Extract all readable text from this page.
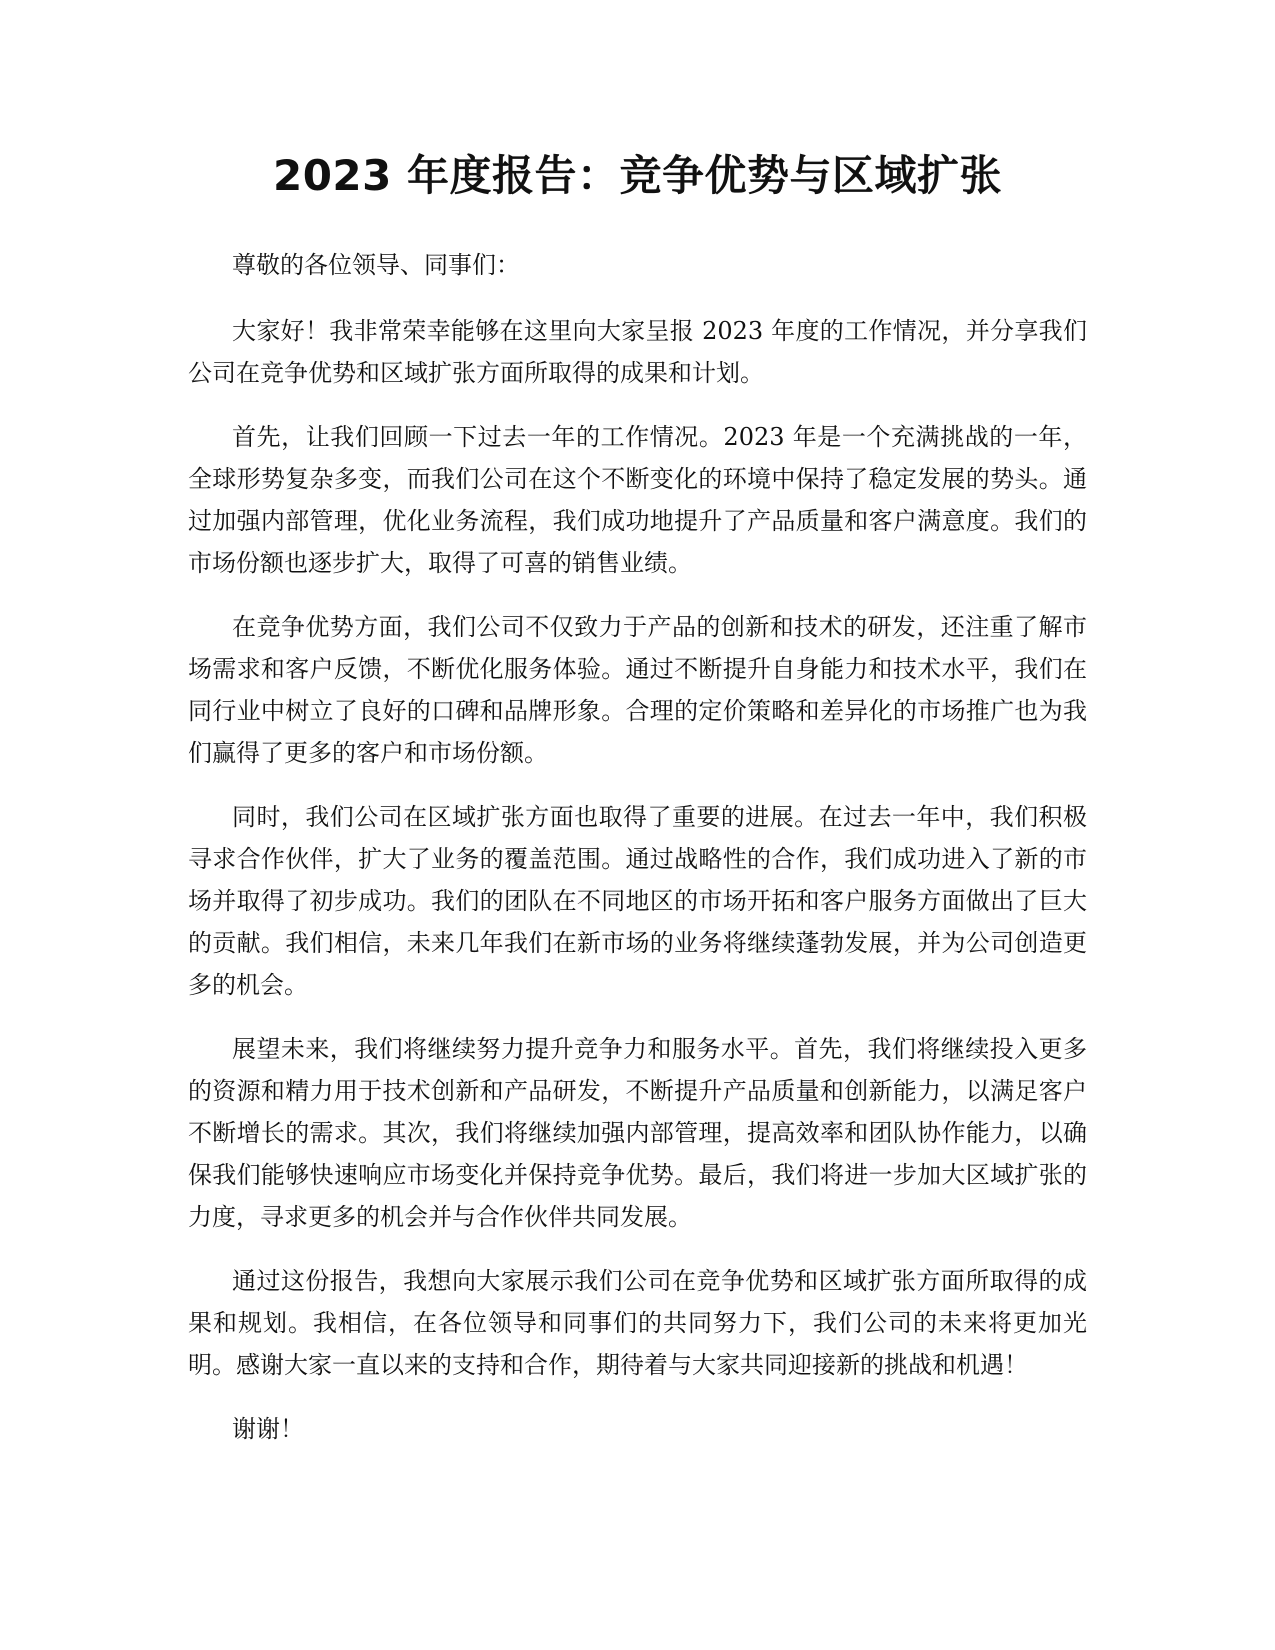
2023 年度报告：竞争优势与区域扩张

尊敬的各位领导、同事们：

大家好！我非常荣幸能够在这里向大家呈报 2023 年度的工作情况，并分享我们公司在竞争优势和区域扩张方面所取得的成果和计划。

首先，让我们回顾一下过去一年的工作情况。2023 年是一个充满挑战的一年，全球形势复杂多变，而我们公司在这个不断变化的环境中保持了稳定发展的势头。通过加强内部管理，优化业务流程，我们成功地提升了产品质量和客户满意度。我们的市场份额也逐步扩大，取得了可喜的销售业绩。

在竞争优势方面，我们公司不仅致力于产品的创新和技术的研发，还注重了解市场需求和客户反馈，不断优化服务体验。通过不断提升自身能力和技术水平，我们在同行业中树立了良好的口碑和品牌形象。合理的定价策略和差异化的市场推广也为我们赢得了更多的客户和市场份额。

同时，我们公司在区域扩张方面也取得了重要的进展。在过去一年中，我们积极寻求合作伙伴，扩大了业务的覆盖范围。通过战略性的合作，我们成功进入了新的市场并取得了初步成功。我们的团队在不同地区的市场开拓和客户服务方面做出了巨大的贡献。我们相信，未来几年我们在新市场的业务将继续蓬勃发展，并为公司创造更多的机会。

展望未来，我们将继续努力提升竞争力和服务水平。首先，我们将继续投入更多的资源和精力用于技术创新和产品研发，不断提升产品质量和创新能力，以满足客户不断增长的需求。其次，我们将继续加强内部管理，提高效率和团队协作能力，以确保我们能够快速响应市场变化并保持竞争优势。最后，我们将进一步加大区域扩张的力度，寻求更多的机会并与合作伙伴共同发展。

通过这份报告，我想向大家展示我们公司在竞争优势和区域扩张方面所取得的成果和规划。我相信，在各位领导和同事们的共同努力下，我们公司的未来将更加光明。感谢大家一直以来的支持和合作，期待着与大家共同迎接新的挑战和机遇！

谢谢！
